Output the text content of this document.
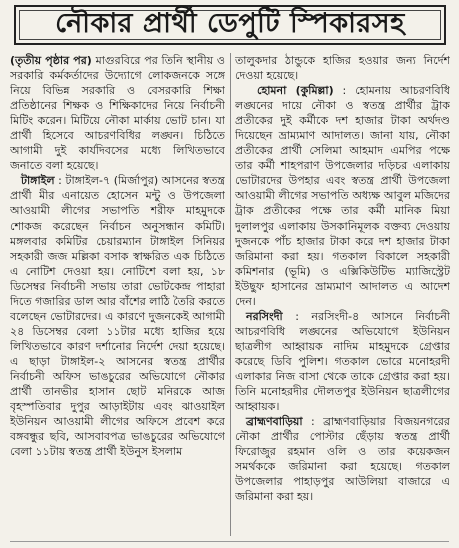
নৌকার প্রার্থী ডেপুটি স্পিকারসহ

(তৃতীয় পৃষ্ঠার পর) মাগুরবিরে পর তিনি স্থানীয় ও সরকারি কর্মকর্তাদের উদ্যোগে লোকজনকে সঙ্গে নিয়ে বিভিন্ন সরকারি ও বেসরকারি শিক্ষা প্রতিষ্ঠানের শিক্ষক ও শিক্ষিকাদের নিয়ে নির্বাচনী মিটিং করেন। মিটিয়ে নৌকা মার্কায় ভোট চান। যা প্রার্থী হিসেবে আচরণবিধির লঙ্ঘন। চিঠিতে আগামী দুই কার্যদিবসের মধ্যে লিখিতভাবে জনাতে বলা হয়েছে।

 টাঙ্গাইল : টাঙ্গাইল-৭ (মির্জাপুর) আসনের স্বতন্ত্র প্রার্থী মীর এনায়েত হোসেন মন্টু ও উপজেলা আওয়ামী লীগের সভাপতি শরীফ মাহমুদকে শোকজ করেছেন নির্বাচন অনুসন্ধান কমিটি। মঙ্গলবার কমিটির চেয়ারম্যান টাঙ্গাইল সিনিয়র সহকারী জজ মল্লিকা বসাক স্বাক্ষরিত এক চিঠিতে এ নোটিশ দেওয়া হয়। নোটিশে বলা হয়, ১৮ ডিসেম্বর নির্বাচনী সভায় তারা ভোটকেন্দ্র পাহারা দিতে গজারির ডাল আর বাঁশের লাঠি তৈরি করতে বলেছেন ভোটারদের। এ কারণে দুজনকেই আগামী ২৪ ডিসেম্বর বেলা ১১টার মধ্যে হাজির হয়ে লিখিতভাবে কারণ দর্শানোর নির্দেশ দেয়া হয়েছে। এ ছাড়া টাঙ্গাইল-২ আসনের স্বতন্ত্র প্রার্থীর নির্বাচনী অফিস ভাঙচুরের অভিযোগে নৌকার প্রার্থী তানভীর হাসান ছোট মনিরকে আজ বৃহস্পতিবার দুপুর আড়াইটায় এবং ঝাওয়াইল ইউনিয়ন আওয়ামী লীগের অফিসে প্রবেশ করে বঙ্গবন্ধুর ছবি, আসবাবপত্র ভাঙচুরের অভিযোগে বেলা ১১টায় স্বতন্ত্র প্রার্থী ইউনুস ইসলাম

তালুকদার ঠান্ডুকে হাজির হওয়ার জন্য নির্দেশ দেওয়া হয়েছে।

  হোমনা (কুমিল্লা) : হোমনায় আচরণবিধি লঙ্ঘনের দায়ে নৌকা ও স্বতন্ত্র প্রার্থীর ট্রাক প্রতীকের দুই কর্মীকে দশ হাজার টাকা অর্থদণ্ড দিয়েছেন ভ্রাম্যমাণ আদালত। জানা যায়, নৌকা প্রতীকের প্রার্থী সেলিমা আহমাদ এমপির পক্ষে তার কর্মী শাহপরাণ উপজেলার দড়িচর এলাকায় ভোটারদের উপহার এবং স্বতন্ত্র প্রার্থী উপজেলা আওয়ামী লীগের সভাপতি অধ্যক্ষ আবুল মজিদের ট্রাক প্রতীকের পক্ষে তার কর্মী মানিক মিয়া দুলালপুর এলাকায় উসকানিমূলক বক্তব্য দেওয়ায় দুজনকে পাঁচ হাজার টাকা করে দশ হাজার টাকা জরিমানা করা হয়। গতকাল বিকালে সহকারী কমিশনার (ভূমি) ও এক্সিকিউটিভ ম্যাজিস্ট্রেট ইউছুফ হাসানের ভ্রাম্যমাণ আদালত এ আদেশ দেন।

 নরসিংদী : নরসিংদী-৪ আসনে নির্বাচনী আচরণবিধি লঙ্ঘনের অভিযোগে ইউনিয়ন ছাত্রলীগ আহ্বায়ক নাদিম মাহমুদকে গ্রেপ্তার করেছে ডিবি পুলিশ। গতকাল ভোরে মনোহরদী এলাকার নিজ বাসা থেকে তাকে গ্রেপ্তার করা হয়। তিনি মনোহরদীর দৌলতপুর ইউনিয়ন ছাত্রলীগের আহ্বায়ক।

 ব্রাহ্মণবাড়িয়া : ব্রাহ্মণবাড়িয়ার বিজয়নগরের নৌকা প্রার্থীর পোস্টার ছেঁড়ায় স্বতন্ত্র প্রার্থী ফিরোজুর রহমান ওলি ও তার কয়েকজন সমর্থককে জরিমানা করা হয়েছে। গতকাল উপজেলার পাহাড়পুর আউলিয়া বাজারে এ জরিমানা করা হয়।
